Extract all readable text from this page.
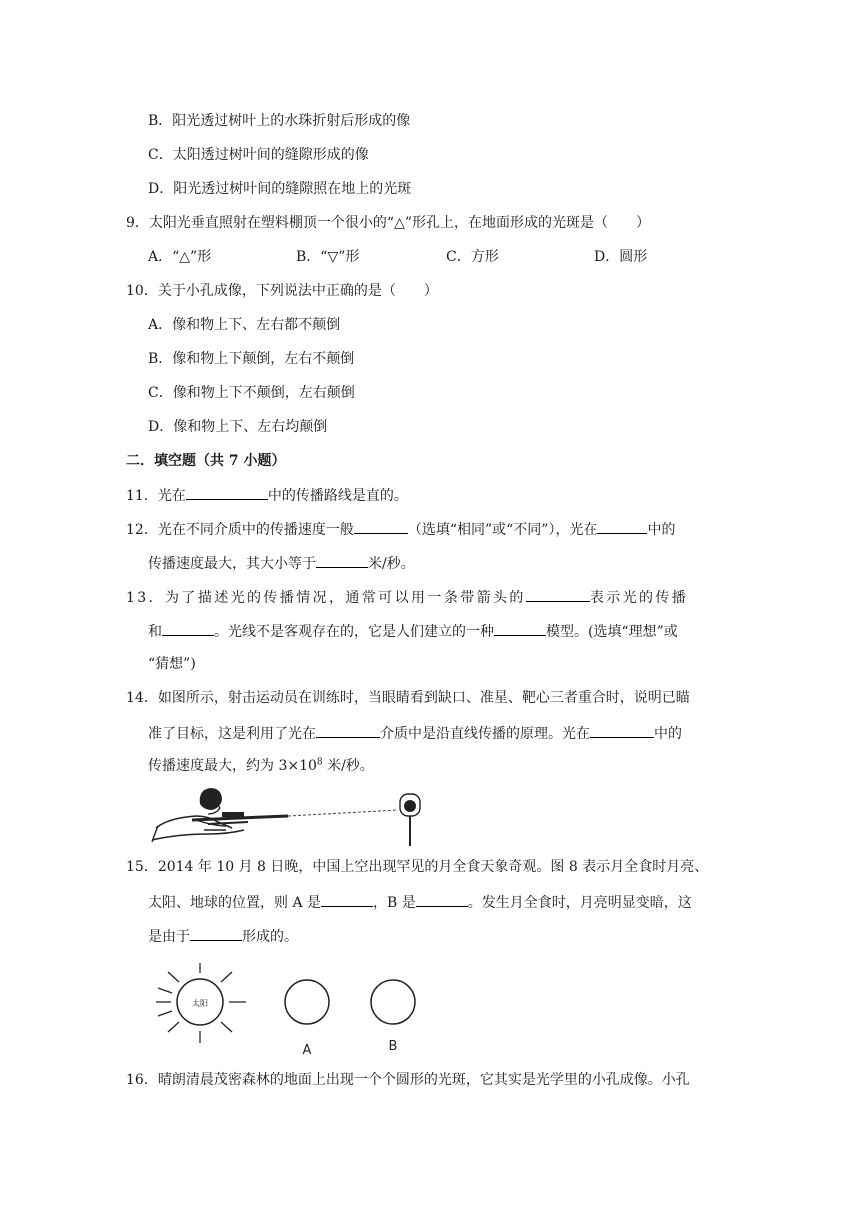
B．阳光透过树叶上的水珠折射后形成的像
C．太阳透过树叶间的缝隙形成的像
D．阳光透过树叶间的缝隙照在地上的光斑
9．太阳光垂直照射在塑料棚顶一个很小的“△”形孔上，在地面形成的光斑是（　　）
A．“△”形	B．“▽”形	C．方形	D．圆形
10．关于小孔成像，下列说法中正确的是（　　）
A．像和物上下、左右都不颠倒
B．像和物上下颠倒，左右不颠倒
C．像和物上下不颠倒，左右颠倒
D．像和物上下、左右均颠倒
二．填空题（共 7 小题）
11．光在	中的传播路线是直的。
12．光在不同介质中的传播速度一般	（选填“相同”或“不同”），光在	中的
传播速度最大，其大小等于	米/秒。
13．为了描述光的传播情况，通常可以用一条带箭头的	表示光的传播
和	。光线不是客观存在的，它是人们建立的一种	模型。(选填“理想”或
“猜想”)
14．如图所示，射击运动员在训练时，当眼睛看到缺口、准星、靶心三者重合时，说明已瞄
准了目标，这是利用了光在	介质中是沿直线传播的原理。光在	中的
传播速度最大，约为 $3\times 10^8$ 米/秒。
15．2014 年 10 月 8 日晚，中国上空出现罕见的月全食天象奇观。图 8 表示月全食时月亮、
太阳、地球的位置，则 A 是	，B 是	。发生月全食时，月亮明显变暗，这
是由于	形成的。
太阳
A	B
16．晴朗清晨茂密森林的地面上出现一个个圆形的光斑，它其实是光学里的小孔成像。小孔
